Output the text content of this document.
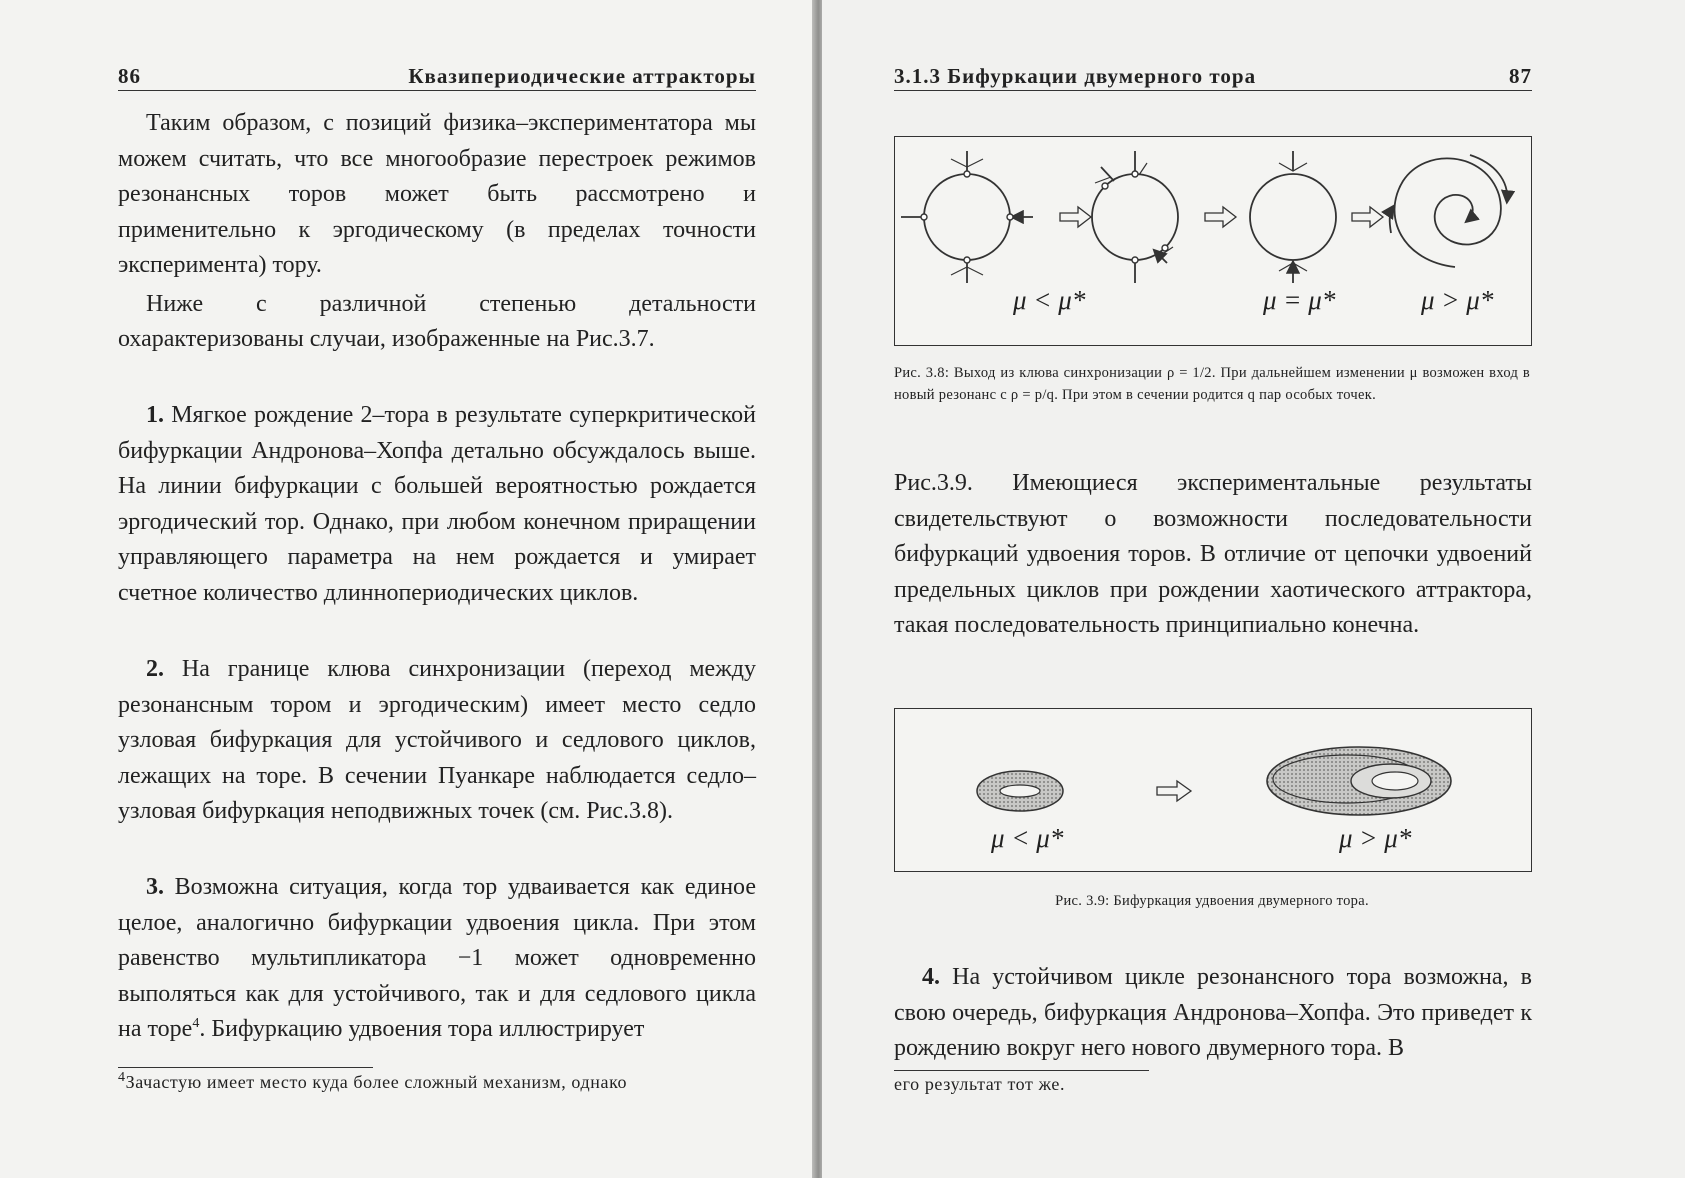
86	Квазипериодические аттракторы

Таким образом, с позиций физика–экспериментатора мы можем считать, что все многообразие перестроек режимов резонансных торов может быть рассмотрено и применительно к эргодическому (в пределах точности эксперимента) тору.

Ниже с различной степенью детальности охарактеризованы случаи, изображенные на Рис.3.7.

1. Мягкое рождение 2–тора в результате суперкритической бифуркации Андронова–Хопфа детально обсуждалось выше. На линии бифуркации с большей вероятностью рождается эргодический тор. Однако, при любом конечном приращении управляющего параметра на нем рождается и умирает счетное количество длиннопериодических циклов.

2. На границе клюва синхронизации (переход между резонансным тором и эргодическим) имеет место седло узловая бифуркация для устойчивого и седлового циклов, лежащих на торе. В сечении Пуанкаре наблюдается седло–узловая бифуркация неподвижных точек (см. Рис.3.8).

3. Возможна ситуация, когда тор удваивается как единое целое, аналогично бифуркации удвоения цикла. При этом равенство мультипликатора −1 может одновременно выполяться как для устойчивого, так и для седлового цикла на торе$^4$. Бифуркацию удвоения тора иллюстрирует

$^4$Зачастую имеет место куда более сложный механизм, однако
3.1.3 Бифуркации двумерного тора	87
μ < μ*	μ = μ*	μ > μ*
Рис. 3.8: Выход из клюва синхронизации ρ = 1/2. При дальнейшем изменении μ возможен вход в новый резонанс с ρ = p/q. При этом в сечении родится q пар особых точек.
Рис.3.9. Имеющиеся экспериментальные результаты свидетельствуют о возможности последовательности бифуркаций удвоения торов. В отличие от цепочки удвоений предельных циклов при рождении хаотического аттрактора, такая последовательность принципиально конечна.
μ < μ*	μ > μ*
Рис. 3.9: Бифуркация удвоения двумерного тора.

4. На устойчивом цикле резонансного тора возможна, в свою очередь, бифуркация Андронова–Хопфа. Это приведет к рождению вокруг него нового двумерного тора. В

его результат тот же.
